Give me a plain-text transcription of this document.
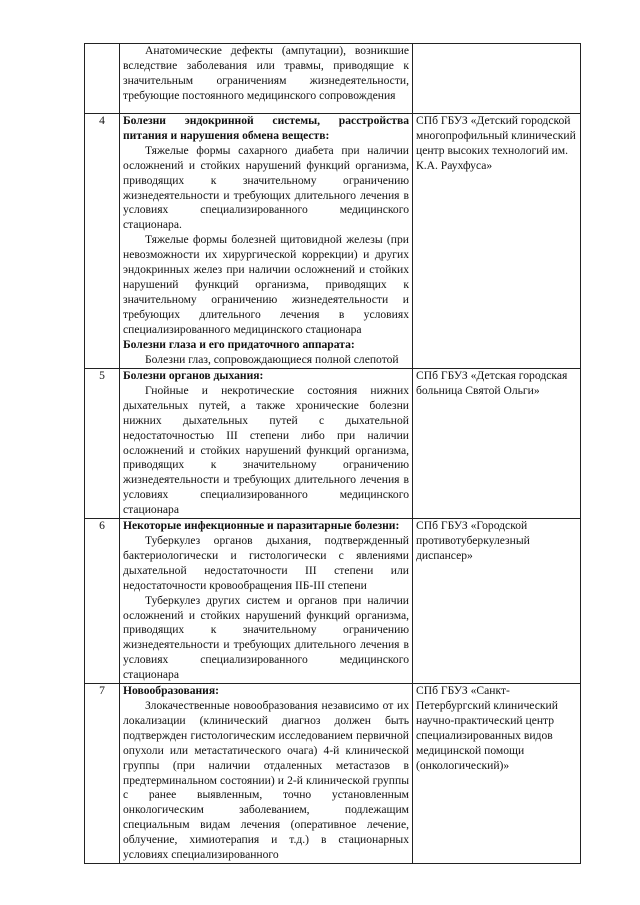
	Анатомические дефекты (ампутации), возникшие вследствие заболевания или травмы, приводящие к значительным ограничениям жизнедеятельности, требующие постоянного медицинского сопровождения	

4	Болезни эндокринной системы, расстройства питания и нарушения обмена веществ:

Тяжелые формы сахарного диабета при наличии осложнений и стойких нарушений функций организма, приводящих к значительному ограничению жизнедеятельности и требующих длительного лечения в условиях специализированного медицинского стационара.

Тяжелые формы болезней щитовидной железы (при невозможности их хирургической коррекции) и других эндокринных желез при наличии осложнений и стойких нарушений функций организма, приводящих к значительному ограничению жизнедеятельности и требующих длительного лечения в условиях специализированного медицинского стационара

Болезни глаза и его придаточного аппарата:

Болезни глаз, сопровождающиеся полной слепотой	СПб ГБУЗ «Детский городской многопрофильный клинический центр высоких технологий им. К.А. Раухфуса»
5	Болезни органов дыхания:

Гнойные и некротические состояния нижних дыхательных путей, а также хронические болезни нижних дыхательных путей с дыхательной недостаточностью III степени либо при наличии осложнений и стойких нарушений функций организма, приводящих к значительному ограничению жизнедеятельности и требующих длительного лечения в условиях специализированного медицинского стационара	СПб ГБУЗ «Детская городская больница Святой Ольги»
6	Некоторые инфекционные и паразитарные болезни:

Туберкулез органов дыхания, подтвержденный бактериологически и гистологически с явлениями дыхательной недостаточности III степени или недостаточности кровообращения IIБ-III степени

Туберкулез других систем и органов при наличии осложнений и стойких нарушений функций организма, приводящих к значительному ограничению жизнедеятельности и требующих длительного лечения в условиях специализированного медицинского стационара	СПб ГБУЗ «Городской противотуберкулезный диспансер»
7	Новообразования:

Злокачественные новообразования независимо от их локализации (клинический диагноз должен быть подтвержден гистологическим исследованием первичной опухоли или метастатического очага) 4-й клинической группы (при наличии отдаленных метастазов в предтерминальном состоянии) и 2-й клинической группы с ранее выявленным, точно установленным онкологическим заболеванием, подлежащим специальным видам лечения (оперативное лечение, облучение, химиотерапия и т.д.) в стационарных условиях специализированного	СПб ГБУЗ «Санкт-Петербургский клинический научно-практический центр специализированных видов медицинской помощи (онкологический)»
